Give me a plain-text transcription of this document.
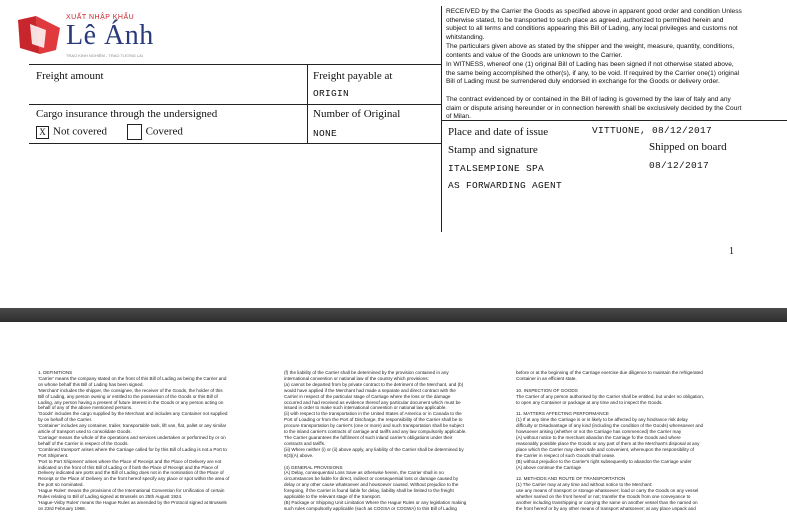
XUẤT NHẬP KHẨU
Lê Ánh
TRAO KINH NGHIỆM - TRAO TƯƠNG LAI
Freight amount
Cargo insurance through the undersigned
X Not covered	Covered
Freight payable at
ORIGIN
Number of Original
NONE
RECEIVED by the Carrier the Goods as specified above in apparent good order and condition Unless otherwise stated, to be transported to such place as agreed, authorized to permitted herein and subject to all terms and conditions appearing this Bill of Lading, any local privileges and customs not whitstanding.
The particulars given above as stated by the shipper and the weight, measure, quantity, conditions, contents and value of the Goods are unknown to the Carrier.
In WITNESS, whereof one (1) original Bill of Lading has been signed if not otherwise stated above, the same being accomplished the other(s), if any, to be void. If required by the Carrier one(1) original Bill of Lading must be surrendered duly endorsed in exchange for the Goods or delivery order.
The contract evidenced by or contained in the Bill of lading is governed by the law of Italy and any claim or dispute arising hereunder or in connection herewith shall be exclusively decided by the Court of Milan.
Place and date of issue	VITTUONE, 08/12/2017
Stamp and signature	Shipped on board
ITALSEMPIONE SPA	08/12/2017
AS FORWARDING AGENT
1
1. DEFINITIONS
'Carrier' means the company stated on the front of this Bill of Lading as being the Carrier and
on whose behalf this Bill of Lading has been signed.
'Merchant' includes the shipper, the consignee, the receiver of the Goods, the holder of this
Bill of Lading, any person owning or entitled to the possession of the Goods or this Bill of
Lading, any person having a present of future interest in the Goods or any person acting on
behalf of any of the above mentioned persons.
'Goods' includes the cargo supplied by the Merchant and includes any Container not supplied
by on behalf of the Carrier.
'Container' includes any container, trailer, transportable tank, lift van, flat, pallet or any similar
article of transport used to consolidate Goods.
'Carriage' means the whole of the operations and services undertaken or performed by or on
behalf of the Carrier in respect of the Goods.
'Combined transport' arises where the Carriage called for by this Bill of Lading is not a Port to
Port Shipment.
'Port to Port Shipment' arises where the Place of Receipt and the Place of Delivery are not
indicated on the front of this Bill of Lading or if both the Place of Receipt and the Place of
Delivery indicated are ports and the Bill of Lading does not in the nomination of the Place of
Receipt or the Place of Delivery on the front hereof specify any place or spot within the area of
the port so nominated.
'Hague Rules' means the provisions of the International Convention for Unification of certain
Rules relating to Bill of Lading signed at Brussels on 25th August 1924.
'Hague-Visby Rules' means the Hague Rules as amended by the Protocol signed at Brussels
on 23rd February 1968.
(f) the liability of the Carrier shall be determined by the provision contained in any
international convention or national law of the country which provisions:
(a) cannot be departed from by private contract to the detriment of the Merchant, and (b)
would have applied if the Merchant had made a separate and direct contract with the
Carrier in respect of the particular stage of Carriage where the loss or the damage
occurred and had received as evidence thereof any particular document which must be
issued in order to make such international convention or national law applicable.
(ii) with respect to the transportation in the United States of America or in Canada to the
Port of Loading or from the Port of Discharge, the responsibility of the Carrier shall be to
procure transportation by carrier's (one or more) and such transportation shall be subject
to the inland carrier's contracts of carriage and tariffs and any law compulsorily applicable.
The Carrier guarantees the fulfilment of such inland carrier's obligations under their
contracts and tariffs.
(iii) Where neither (i) or (ii) above apply, any liability of the Carrier shall be determined by
6(3)(A) above.

(4) GENERAL PROVISIONS
(A) Delay, consequential Loss Save as otherwise herein, the Carrier shall in no
circumstances be liable for direct, indirect or consequential loss or damage caused by
delay or any other cause whatsoever and howsoever caused. Without prejudice to the
foregoing, if the Carrier is found liable for delay, liability shall be limited to the freight
applicable to the relevant stage of the transport.
(B) Package or Shipping Unit Limitation Where the Hague Rules or any legislation making
such rules compulsorily applicable (such as COGSA or COGWA) to this Bill of Lading
before or at the beginning of the Carriage exercise due diligence to maintain the refrigerated
Container in an efficient state.

10. INSPECTION OF GOODS
The Carrier of any person authorised by the Carrier shall be entitled, but under no obligation,
to open any Container or package at any time and to inspect the Goods.

11. MATTERS AFFECTING PERFORMANCE
(1) If at any time the Carriage is or is likely to be affected by any hindrance risk delay
difficulty or Disadvantage of any kind (including the condition of the Goods) whensoever and
howsoever arising (whether or not the Carriage has commenced) the Carrier may
(A) without notice to the merchant abandon the Carriage fo the Goods and where
reasonably possible place the Goods or any part of them at the Merchant's disposal at any
place which the Carrier may deem safe and convenient, whereupon the responsibility of
the Carrier in respect of such Goods shall cease.
(B) without prejudice to the Carrier's right subsequently to abandon the Carriage under
(A) above continue the Carriage

12. METHODS AND ROUTE OF TRANSPORTATION
(1) The Carrier may at any time and without notice to the Merchant:
use any means of transport or storage whatsoever; load or carry the Goods on any vessel
whether named on the front hereof or not; transfer the Goods from one conveyance to
another including transhipping or carrying the same on another vessel than the named on
the front hereof or by any other means of transport whatsoever; at any place unpack and
